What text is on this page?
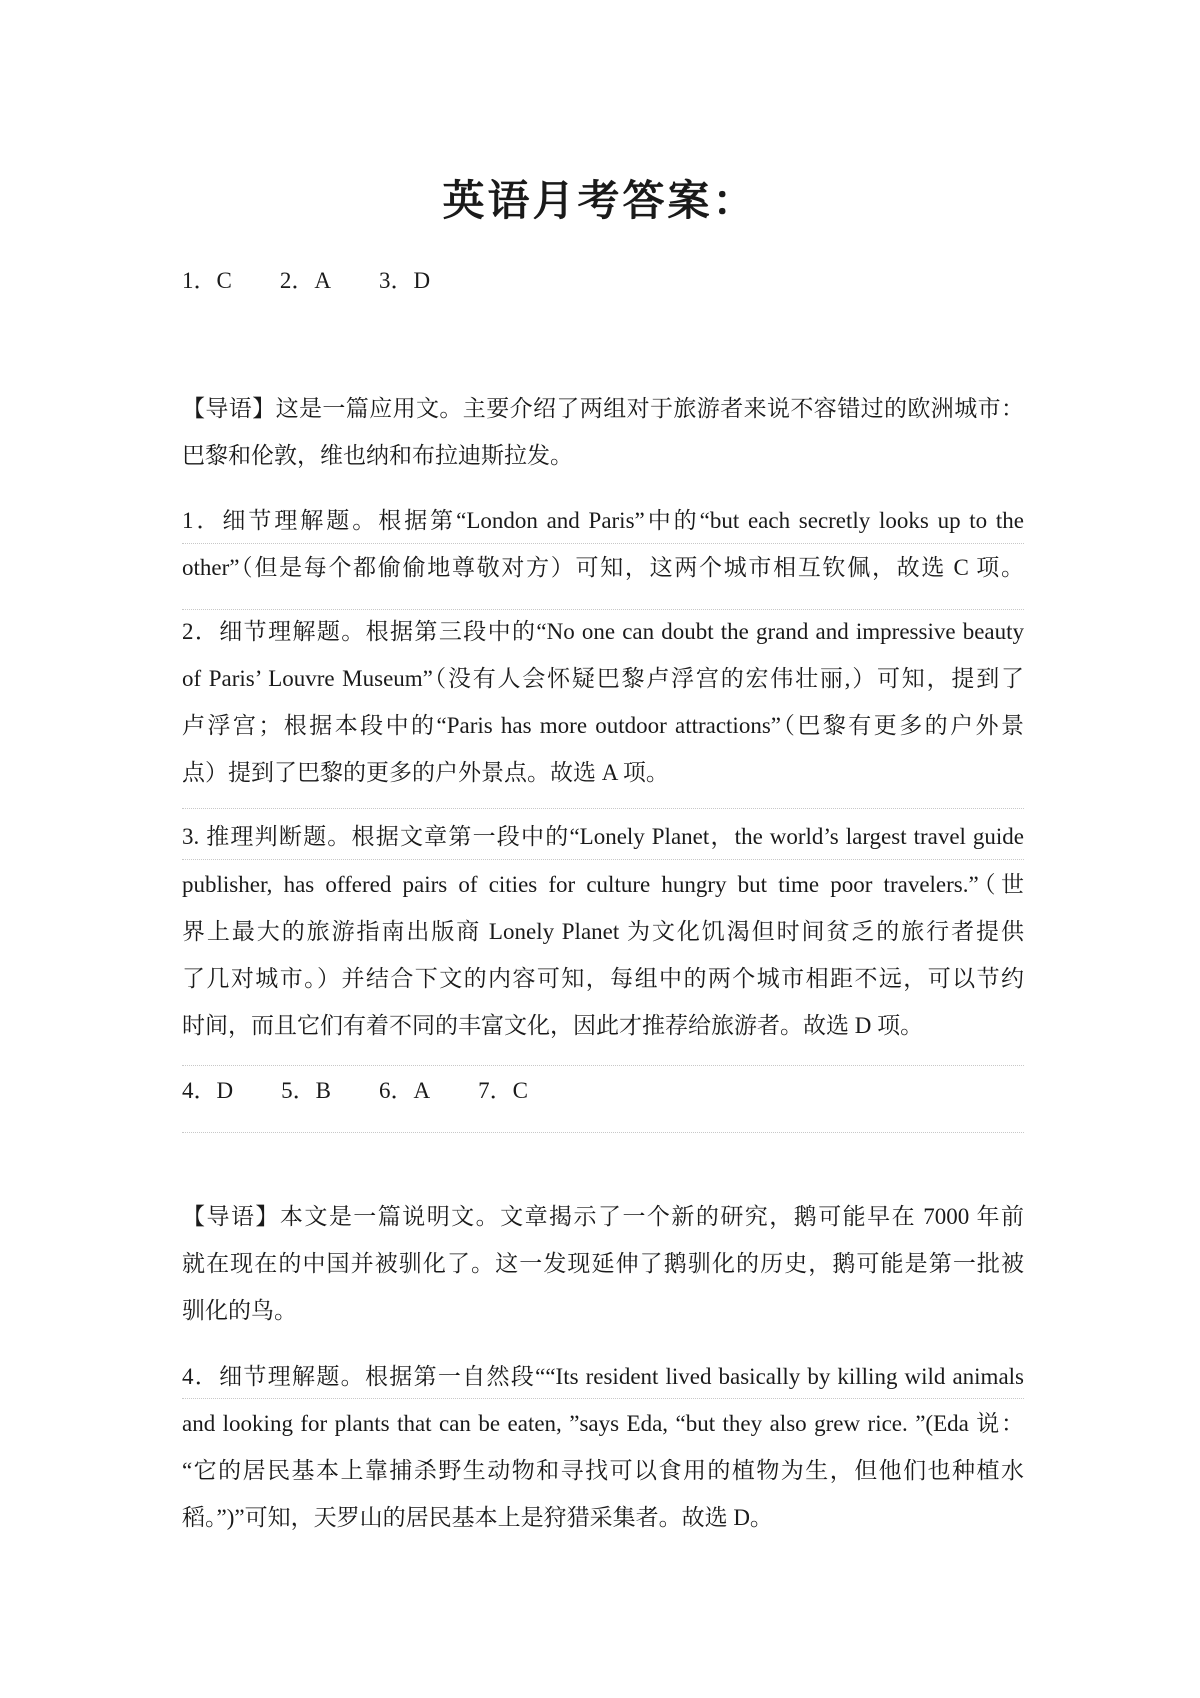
英语月考答案：
1．C 2．A 3．D
【导语】这是一篇应用文。主要介绍了两组对于旅游者来说不容错过的欧洲城市：
巴黎和伦敦，维也纳和布拉迪斯拉发。
1．细节理解题。根据第“London and Paris”中的“but each secretly looks up to the
other”（但是每个都偷偷地尊敬对方）可知，这两个城市相互钦佩，故选 C 项。
2．细节理解题。根据第三段中的“No one can doubt the grand and impressive beauty
of Paris’ Louvre Museum”（没有人会怀疑巴黎卢浮宫的宏伟壮丽,）可知，提到了
卢浮宫；根据本段中的“Paris has more outdoor attractions”（巴黎有更多的户外景
点）提到了巴黎的更多的户外景点。故选 A 项。
3. 推理判断题。根据文章第一段中的“Lonely Planet，the world’s largest travel guide
publisher, has offered pairs of cities for culture hungry but time poor travelers.”（世
界上最大的旅游指南出版商 Lonely Planet 为文化饥渴但时间贫乏的旅行者提供
了几对城市。）并结合下文的内容可知，每组中的两个城市相距不远，可以节约
时间，而且它们有着不同的丰富文化，因此才推荐给旅游者。故选 D 项。
4．D 5．B 6．A 7．C
【导语】本文是一篇说明文。文章揭示了一个新的研究，鹅可能早在 7000 年前
就在现在的中国并被驯化了。这一发现延伸了鹅驯化的历史，鹅可能是第一批被
驯化的鸟。
4．细节理解题。根据第一自然段““Its resident lived basically by killing wild animals
and looking for plants that can be eaten, ”says Eda, “but they also grew rice. ”(Eda 说：
“它的居民基本上靠捕杀野生动物和寻找可以食用的植物为生，但他们也种植水
稻。”)”可知，天罗山的居民基本上是狩猎采集者。故选 D。
